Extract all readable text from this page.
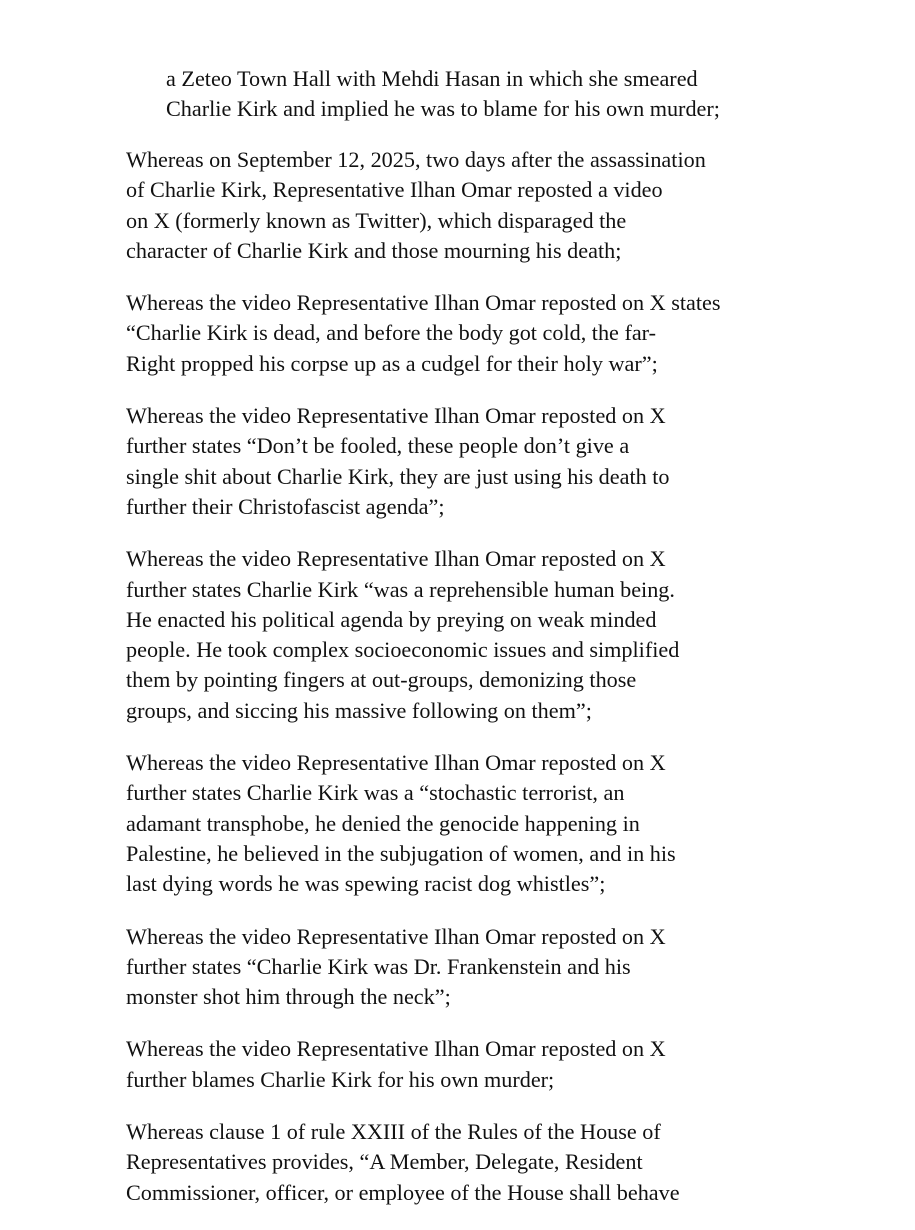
a Zeteo Town Hall with Mehdi Hasan in which she smeared
Charlie Kirk and implied he was to blame for his own murder;

Whereas on September 12, 2025, two days after the assassination
of Charlie Kirk, Representative Ilhan Omar reposted a video
on X (formerly known as Twitter), which disparaged the
character of Charlie Kirk and those mourning his death;

Whereas the video Representative Ilhan Omar reposted on X states
“Charlie Kirk is dead, and before the body got cold, the far-
Right propped his corpse up as a cudgel for their holy war”;

Whereas the video Representative Ilhan Omar reposted on X
further states “Don’t be fooled, these people don’t give a
single shit about Charlie Kirk, they are just using his death to
further their Christofascist agenda”;

Whereas the video Representative Ilhan Omar reposted on X
further states Charlie Kirk “was a reprehensible human being.
He enacted his political agenda by preying on weak minded
people. He took complex socioeconomic issues and simplified
them by pointing fingers at out-groups, demonizing those
groups, and siccing his massive following on them”;

Whereas the video Representative Ilhan Omar reposted on X
further states Charlie Kirk was a “stochastic terrorist, an
adamant transphobe, he denied the genocide happening in
Palestine, he believed in the subjugation of women, and in his
last dying words he was spewing racist dog whistles”;

Whereas the video Representative Ilhan Omar reposted on X
further states “Charlie Kirk was Dr. Frankenstein and his
monster shot him through the neck”;

Whereas the video Representative Ilhan Omar reposted on X
further blames Charlie Kirk for his own murder;

Whereas clause 1 of rule XXIII of the Rules of the House of
Representatives provides, “A Member, Delegate, Resident
Commissioner, officer, or employee of the House shall behave
